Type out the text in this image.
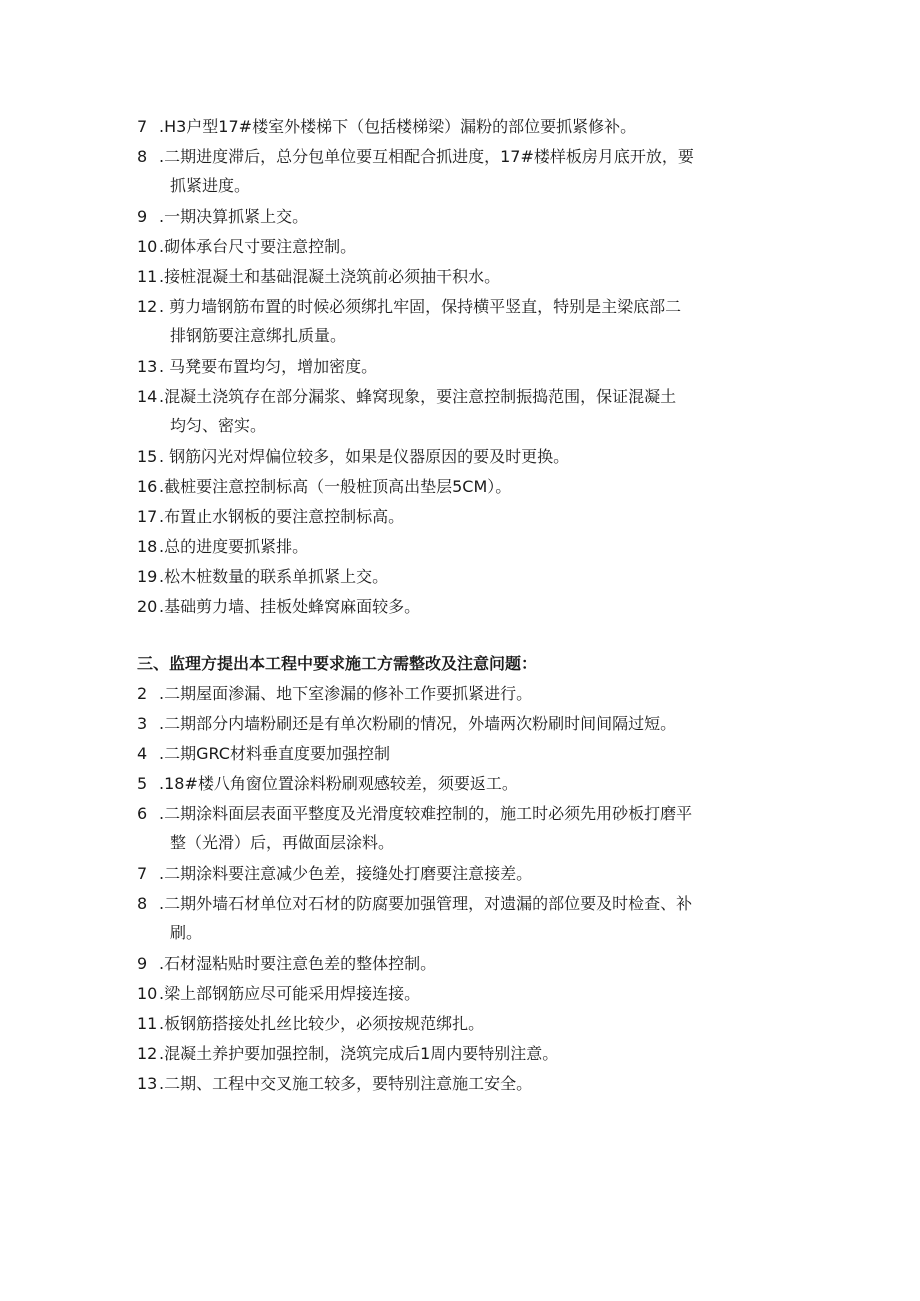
7 .H3户型17#楼室外楼梯下（包括楼梯梁）漏粉的部位要抓紧修补。
8 .二期进度滞后，总分包单位要互相配合抓进度，17#楼样板房月底开放，要
抓紧进度。
9 .一期决算抓紧上交。
10 .砌体承台尺寸要注意控制。
11 .接桩混凝土和基础混凝土浇筑前必须抽干积水。
12 . 剪力墙钢筋布置的时候必须绑扎牢固，保持横平竖直，特别是主梁底部二
排钢筋要注意绑扎质量。
13 . 马凳要布置均匀，增加密度。
14 .混凝土浇筑存在部分漏浆、蜂窝现象，要注意控制振捣范围，保证混凝土
均匀、密实。
15 . 钢筋闪光对焊偏位较多，如果是仪器原因的要及时更换。
16 .截桩要注意控制标高（一般桩顶高出垫层5CM）。
17 .布置止水钢板的要注意控制标高。
18 .总的进度要抓紧排。
19 .松木桩数量的联系单抓紧上交。
20 .基础剪力墙、挂板处蜂窝麻面较多。
三、监理方提出本工程中要求施工方需整改及注意问题：
2 .二期屋面渗漏、地下室渗漏的修补工作要抓紧进行。
3 .二期部分内墙粉刷还是有单次粉刷的情况，外墙两次粉刷时间间隔过短。
4 .二期GRC材料垂直度要加强控制
5 .18#楼八角窗位置涂料粉刷观感较差，须要返工。
6 .二期涂料面层表面平整度及光滑度较难控制的，施工时必须先用砂板打磨平
整（光滑）后，再做面层涂料。
7 .二期涂料要注意减少色差，接缝处打磨要注意接差。
8 .二期外墙石材单位对石材的防腐要加强管理，对遗漏的部位要及时检查、补
刷。
9 .石材湿粘贴时要注意色差的整体控制。
10 .梁上部钢筋应尽可能采用焊接连接。
11 .板钢筋搭接处扎丝比较少，必须按规范绑扎。
12 .混凝土养护要加强控制，浇筑完成后1周内要特别注意。
13 .二期、工程中交叉施工较多，要特别注意施工安全。
